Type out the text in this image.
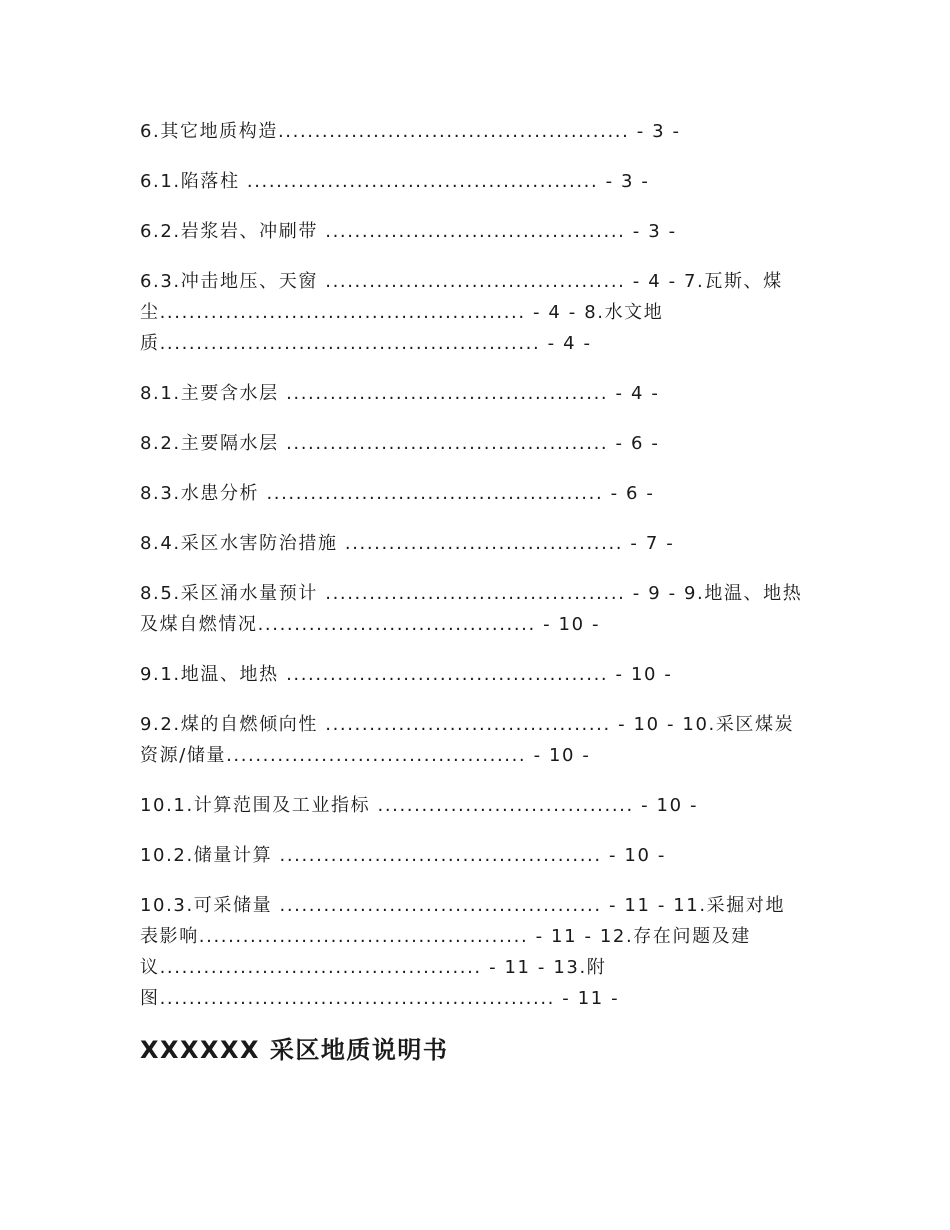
6.其它地质构造................................................ - 3 -

6.1.陷落柱 ................................................ - 3 -

6.2.岩浆岩、冲刷带 ......................................... - 3 -

6.3.冲击地压、天窗 ......................................... - 4 - 7.瓦斯、煤
尘.................................................. - 4 - 8.水文地
质.................................................... - 4 -

8.1.主要含水层 ............................................ - 4 -

8.2.主要隔水层 ............................................ - 6 -

8.3.水患分析 .............................................. - 6 -

8.4.采区水害防治措施 ...................................... - 7 -

8.5.采区涌水量预计 ......................................... - 9 - 9.地温、地热
及煤自燃情况...................................... - 10 -

9.1.地温、地热 ............................................ - 10 -

9.2.煤的自燃倾向性 ....................................... - 10 - 10.采区煤炭
资源/储量......................................... - 10 -

10.1.计算范围及工业指标 ................................... - 10 -

10.2.储量计算 ............................................ - 10 -

10.3.可采储量 ............................................ - 11 - 11.采掘对地
表影响............................................. - 11 - 12.存在问题及建
议............................................ - 11 - 13.附
图...................................................... - 11 -

XXXXXX 采区地质说明书
